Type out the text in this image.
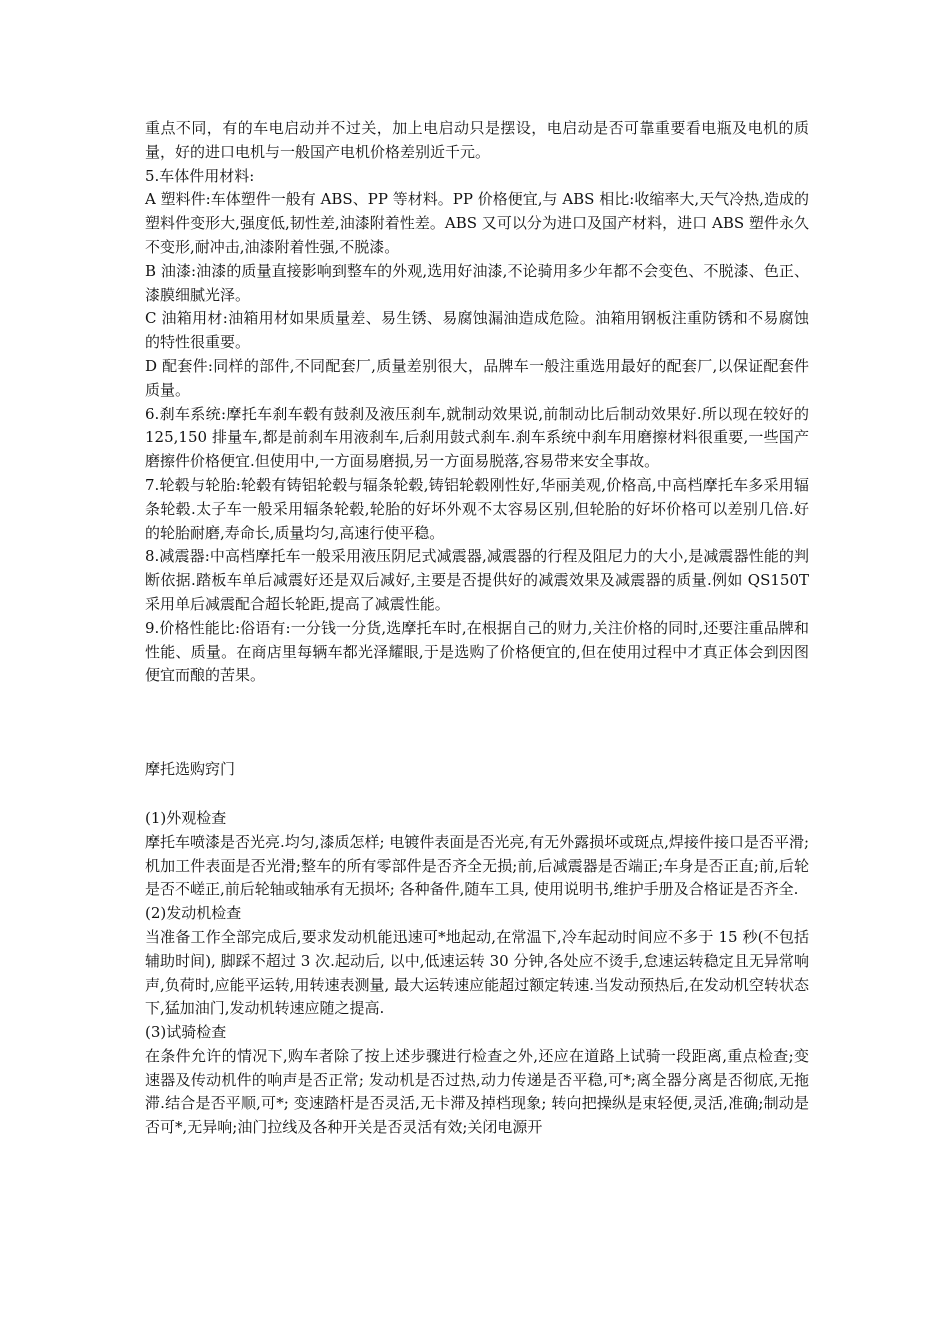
重点不同，有的车电启动并不过关，加上电启动只是摆设，电启动是否可靠重要看电瓶及电机的质量，好的进口电机与一般国产电机价格差别近千元。

5.车体件用材料:

A 塑料件:车体塑件一般有 ABS、PP 等材料。PP 价格便宜,与 ABS 相比:收缩率大,天气冷热,造成的塑料件变形大,强度低,韧性差,油漆附着性差。ABS 又可以分为进口及国产材料，进口 ABS 塑件永久不变形,耐冲击,油漆附着性强,不脱漆。

B 油漆:油漆的质量直接影响到整车的外观,选用好油漆,不论骑用多少年都不会变色、不脱漆、色正、漆膜细腻光泽。

C 油箱用材:油箱用材如果质量差、易生锈、易腐蚀漏油造成危险。油箱用钢板注重防锈和不易腐蚀的特性很重要。

D 配套件:同样的部件,不同配套厂,质量差别很大，品牌车一般注重选用最好的配套厂,以保证配套件质量。

6.刹车系统:摩托车刹车毂有鼓刹及液压刹车,就制动效果说,前制动比后制动效果好.所以现在较好的 125,150 排量车,都是前刹车用液刹车,后刹用鼓式刹车.刹车系统中刹车用磨擦材料很重要,一些国产磨擦件价格便宜.但使用中,一方面易磨损,另一方面易脱落,容易带来安全事故。

7.轮毂与轮胎:轮毂有铸铝轮毂与辐条轮毂,铸铝轮毂刚性好,华丽美观,价格高,中高档摩托车多采用辐条轮毂.太子车一般采用辐条轮毂,轮胎的好坏外观不太容易区别,但轮胎的好坏价格可以差别几倍.好的轮胎耐磨,寿命长,质量均匀,高速行使平稳。

8.减震器:中高档摩托车一般采用液压阴尼式减震器,减震器的行程及阻尼力的大小,是减震器性能的判断依据.踏板车单后减震好还是双后减好,主要是否提供好的减震效果及减震器的质量.例如 QS150T 采用单后减震配合超长轮距,提高了减震性能。

9.价格性能比:俗语有:一分钱一分货,选摩托车时,在根据自己的财力,关注价格的同时,还要注重品牌和性能、质量。在商店里每辆车都光泽耀眼,于是选购了价格便宜的,但在使用过程中才真正体会到因图便宜而酿的苦果。

摩托选购窍门

(1)外观检查

摩托车喷漆是否光亮.均匀,漆质怎样; 电镀件表面是否光亮,有无外露损坏或斑点,焊接件接口是否平滑;机加工件表面是否光滑;整车的所有零部件是否齐全无损;前,后减震器是否端正;车身是否正直;前,后轮是否不嵯正,前后轮轴或轴承有无损坏; 各种备件,随车工具, 使用说明书,维护手册及合格证是否齐全.

(2)发动机检查

当准备工作全部完成后,要求发动机能迅速可*地起动,在常温下,冷车起动时间应不多于 15 秒(不包括辅助时间), 脚踩不超过 3 次.起动后, 以中,低速运转 30 分钟,各处应不烫手,怠速运转稳定且无异常响声,负荷时,应能平运转,用转速表测量, 最大运转速应能超过额定转速.当发动预热后,在发动机空转状态下,猛加油门,发动机转速应随之提高.

(3)试骑检查

在条件允许的情况下,购车者除了按上述步骤进行检查之外,还应在道路上试骑一段距离,重点检查;变速器及传动机件的响声是否正常; 发动机是否过热,动力传递是否平稳,可*;离全器分离是否彻底,无拖滞.结合是否平顺,可*; 变速踏杆是否灵活,无卡滞及掉档现象; 转向把操纵是束轻便,灵活,准确;制动是否可*,无异响;油门拉线及各种开关是否灵活有效;关闭电源开
